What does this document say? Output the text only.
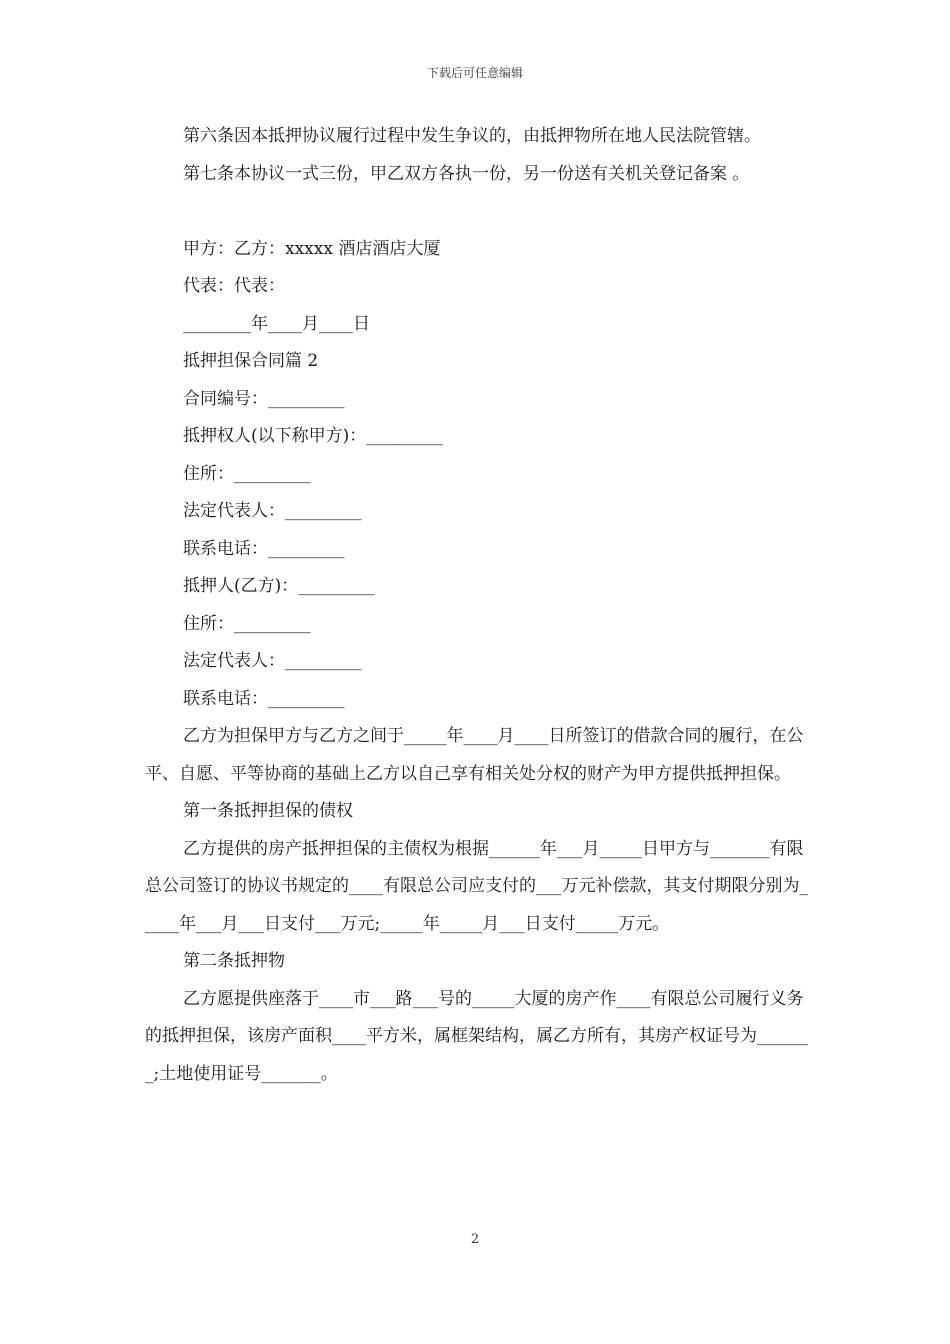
下载后可任意编辑

第六条因本抵押协议履行过程中发生争议的，由抵押物所在地人民法院管辖。

第七条本协议一式三份，甲乙双方各执一份，另一份送有关机关登记备案 。

甲方：乙方：xxxxx 酒店酒店大厦

代表：代表：

________年____月____日

抵押担保合同篇 2

合同编号：_________

抵押权人(以下称甲方)：_________

住所：_________

法定代表人：_________

联系电话：_________

抵押人(乙方)：_________

住所：_________

法定代表人：_________

联系电话：_________

乙方为担保甲方与乙方之间于_____年____月____日所签订的借款合同的履行，在公平、自愿、平等协商的基础上乙方以自己享有相关处分权的财产为甲方提供抵押担保。

第一条抵押担保的债权

乙方提供的房产抵押担保的主债权为根据______年___月_____日甲方与_______有限总公司签订的协议书规定的____有限总公司应支付的___万元补偿款，其支付期限分别为_____年___月___日支付___万元;_____年_____月___日支付_____万元。

第二条抵押物

乙方愿提供座落于____市___路___号的_____大厦的房产作____有限总公司履行义务的抵押担保，该房产面积____平方米，属框架结构，属乙方所有，其房产权证号为_______;土地使用证号_______。

2
